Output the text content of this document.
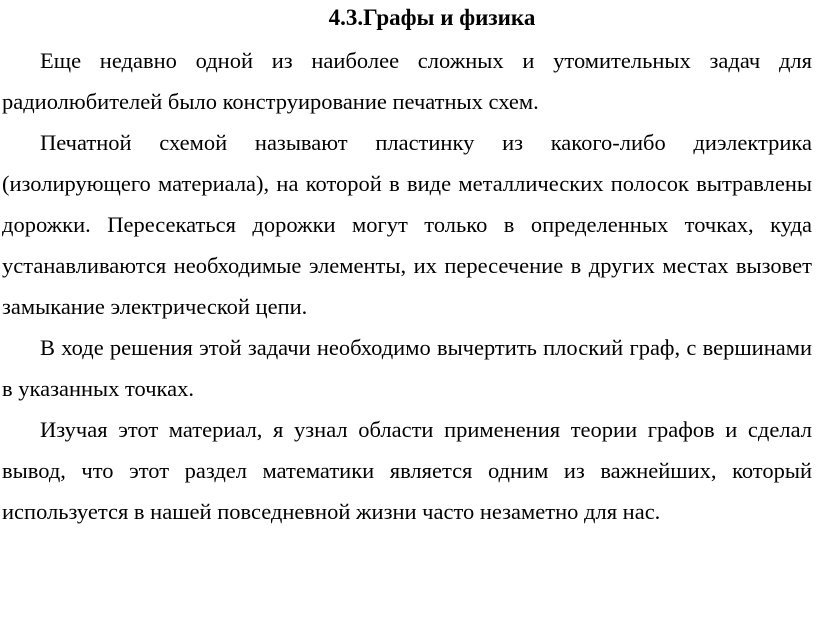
4.3.Графы и физика

Еще недавно одной из наиболее сложных и утомительных задач для радиолюбителей было конструирование печатных схем.

Печатной схемой называют пластинку из какого-либо диэлектрика (изолирующего материала), на которой в виде металлических полосок вытравлены дорожки. Пересекаться дорожки могут только в определенных точках, куда устанавливаются необходимые элементы, их пересечение в других местах вызовет замыкание электрической цепи.

В ходе решения этой задачи необходимо вычертить плоский граф, с вершинами в указанных точках.

Изучая этот материал, я узнал области применения теории графов и сделал вывод, что этот раздел математики является одним из важнейших, который используется в нашей повседневной жизни часто незаметно для нас.
